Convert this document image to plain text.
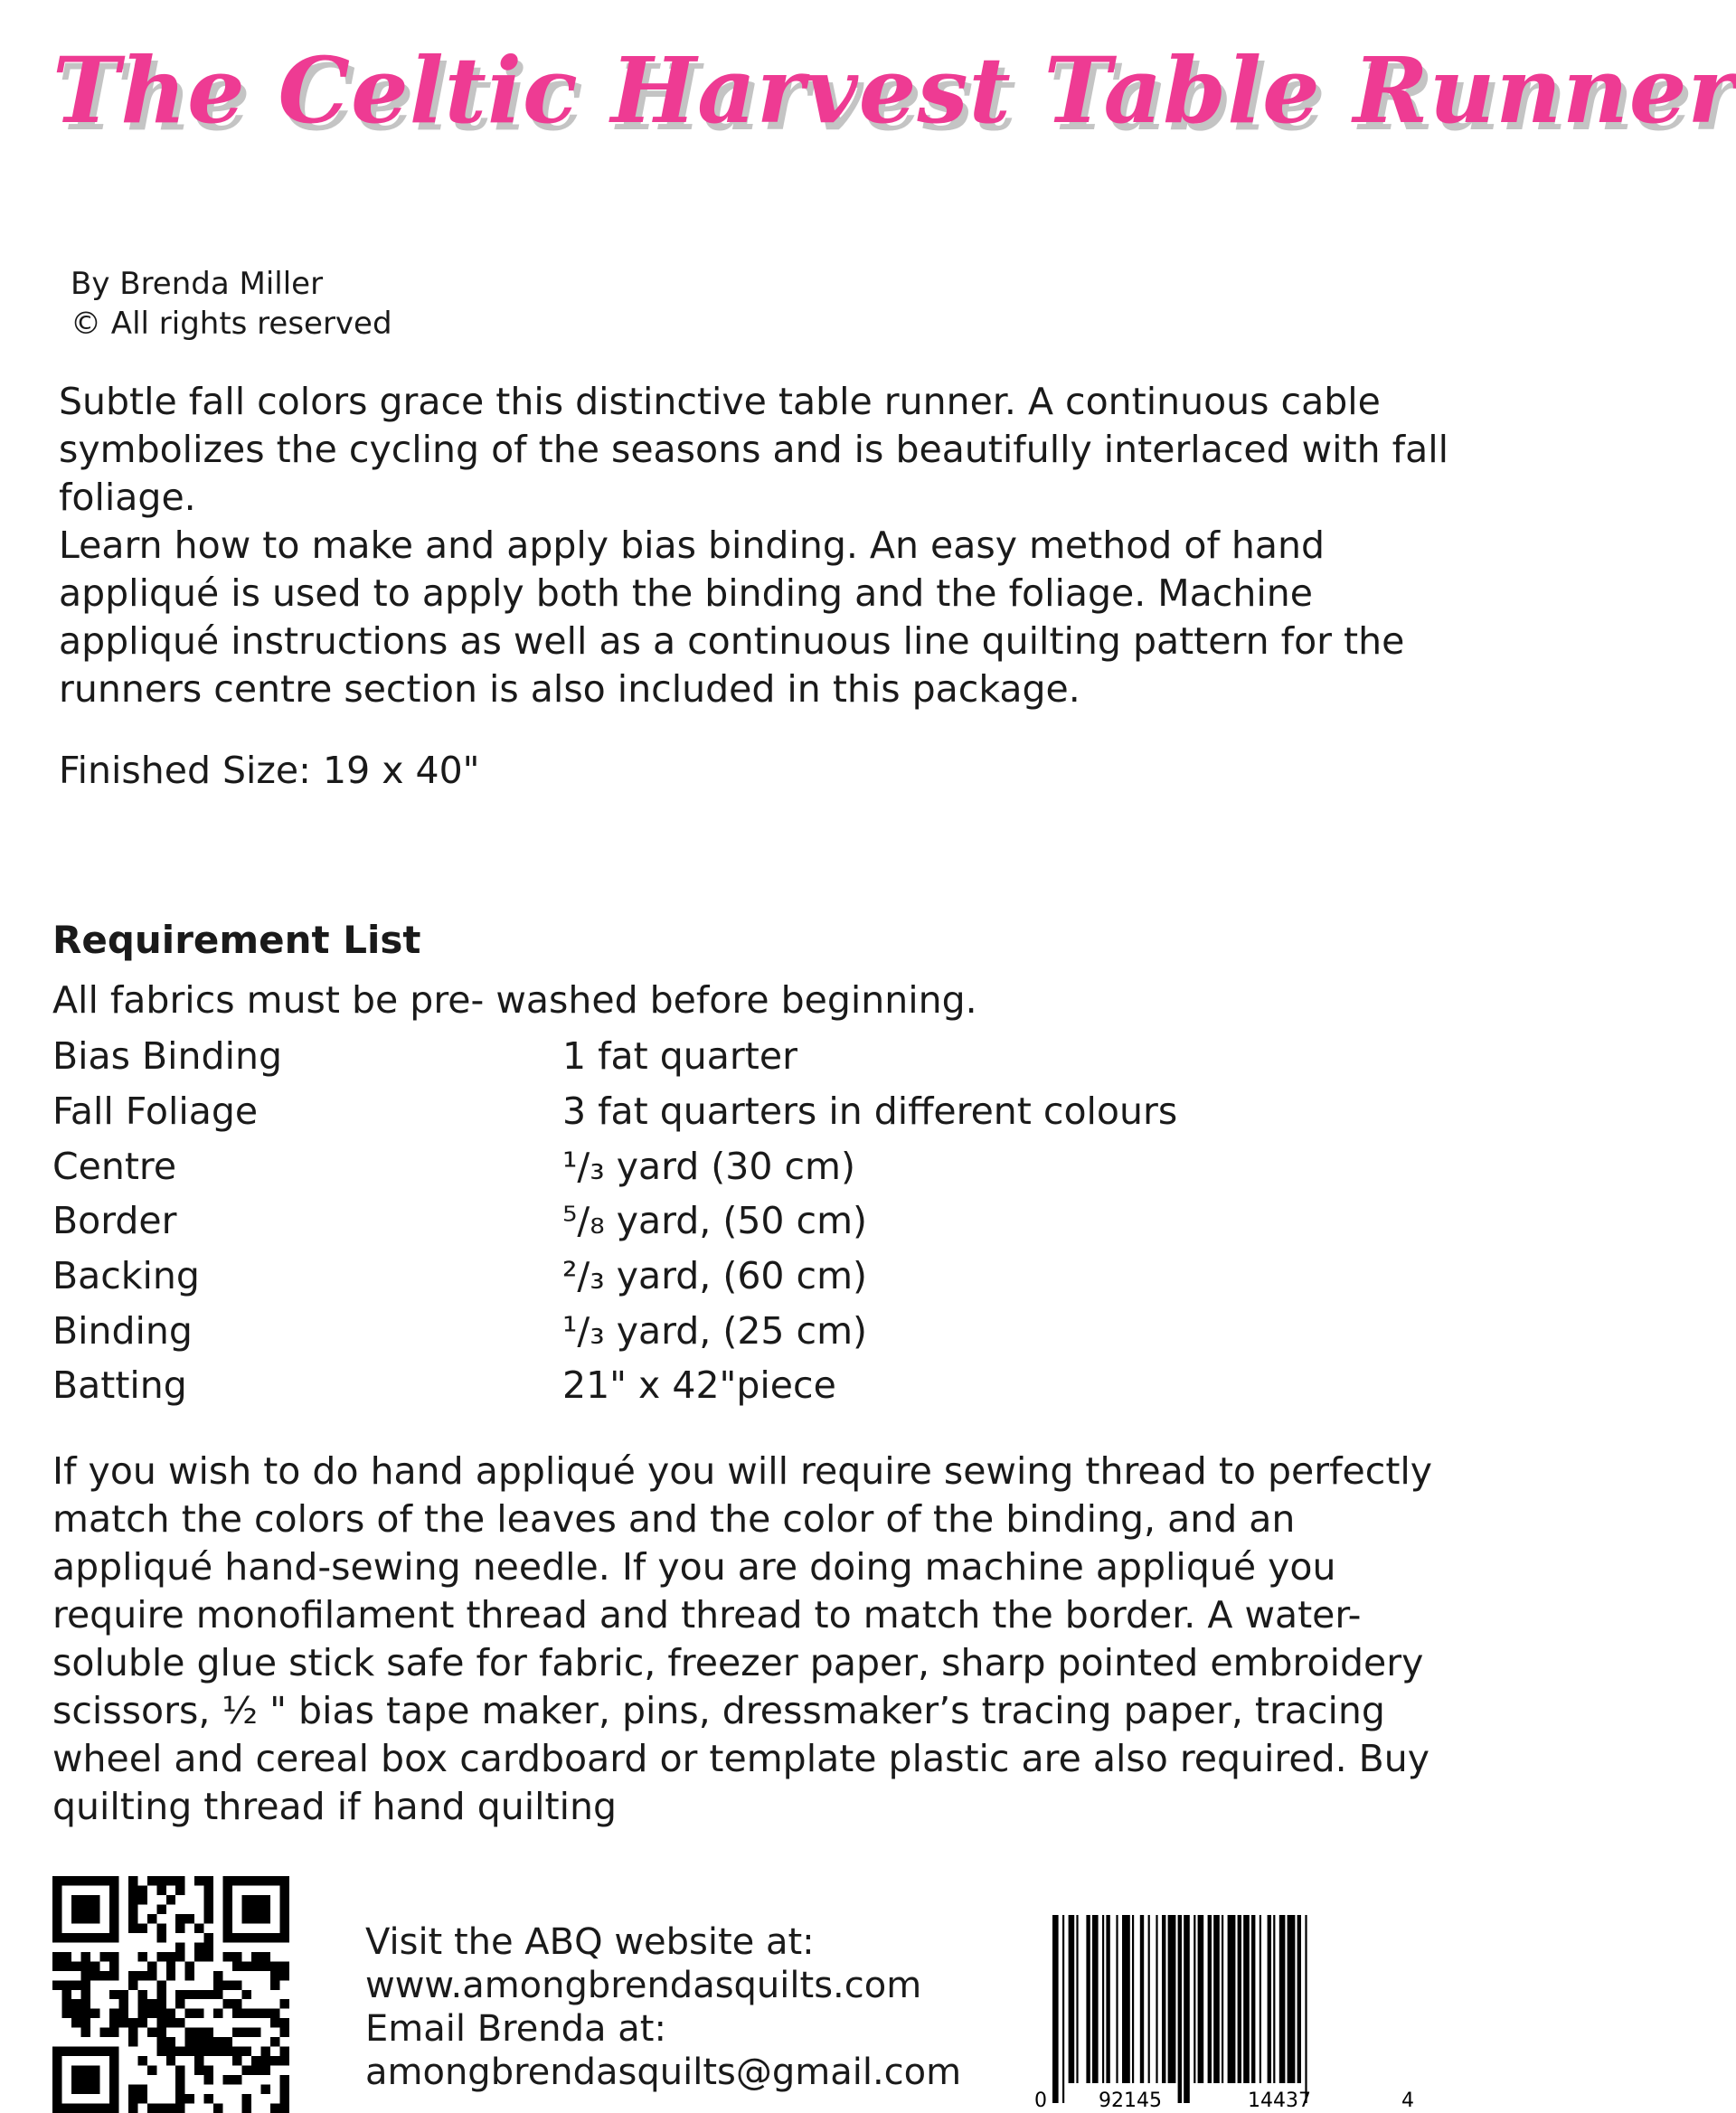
The Celtic Harvest Table Runner
By Brenda Miller
© All rights reserved

Subtle fall colors grace this distinctive table runner. A continuous cable symbolizes the cycling of the seasons and is beautifully interlaced with fall foliage.

Learn how to make and apply bias binding. An easy method of hand appliqué is used to apply both the binding and the foliage. Machine appliqué instructions as well as a continuous line quilting pattern for the runners centre section is also included in this package.

Finished Size: 19 x 40"
Requirement List
All fabrics must be pre- washed before beginning.
Bias Binding	1 fat quarter
Fall Foliage	3 fat quarters in different colours
Centre	¹/₃ yard (30 cm)
Border	⁵/₈ yard, (50 cm)
Backing	²/₃ yard, (60 cm)
Binding	¹/₃ yard, (25 cm)
Batting	21" x 42"piece

If you wish to do hand appliqué you will require sewing thread to perfectly match the colors of the leaves and the color of the binding, and an appliqué hand-sewing needle. If you are doing machine appliqué you require monofilament thread and thread to match the border. A water-soluble glue stick safe for fabric, freezer paper, sharp pointed embroidery scissors, ½ " bias tape maker, pins, dressmaker’s tracing paper, tracing wheel and cereal box cardboard or template plastic are also required. Buy quilting thread if hand quilting

Visit the ABQ website at:
www.amongbrendasquilts.com
Email Brenda at:
amongbrendasquilts@gmail.com
0	92145	14437	4
